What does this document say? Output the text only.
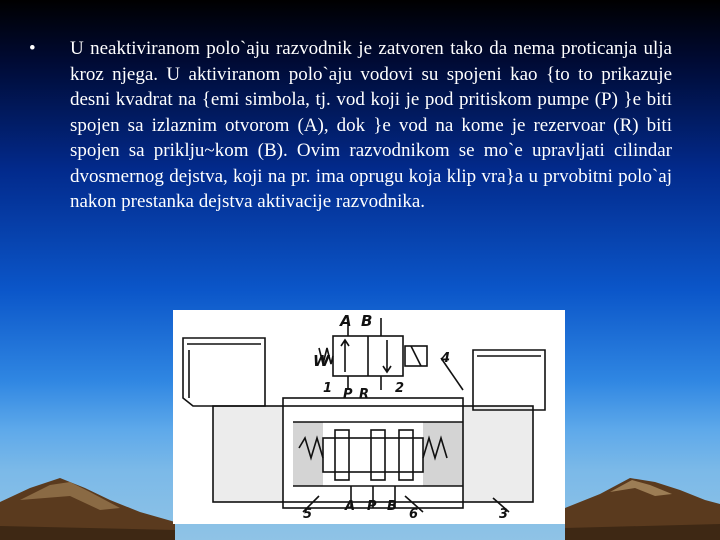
• U neaktiviranom polo`aju razvodnik je zatvoren tako da nema proticanja ulja kroz njega. U aktiviranom polo`aju vodovi su spojeni kao {to to prikazuje desni kvadrat na {emi simbola, tj. vod koji je pod pritiskom pumpe (P) }e biti spojen sa izlaznim otvorom (A), dok }e vod na kome je rezervoar (R) biti spojen sa priklju~kom (B). Ovim razvodnikom se mo`e upravljati cilindar dvosmernog dejstva, koji na pr. ima oprugu koja klip vra}a u prvobitni polo`aj nakon prestanka dejstva aktivacije razvodnika.

A B
W
1 P R 2
4
5
A P B
6	3
